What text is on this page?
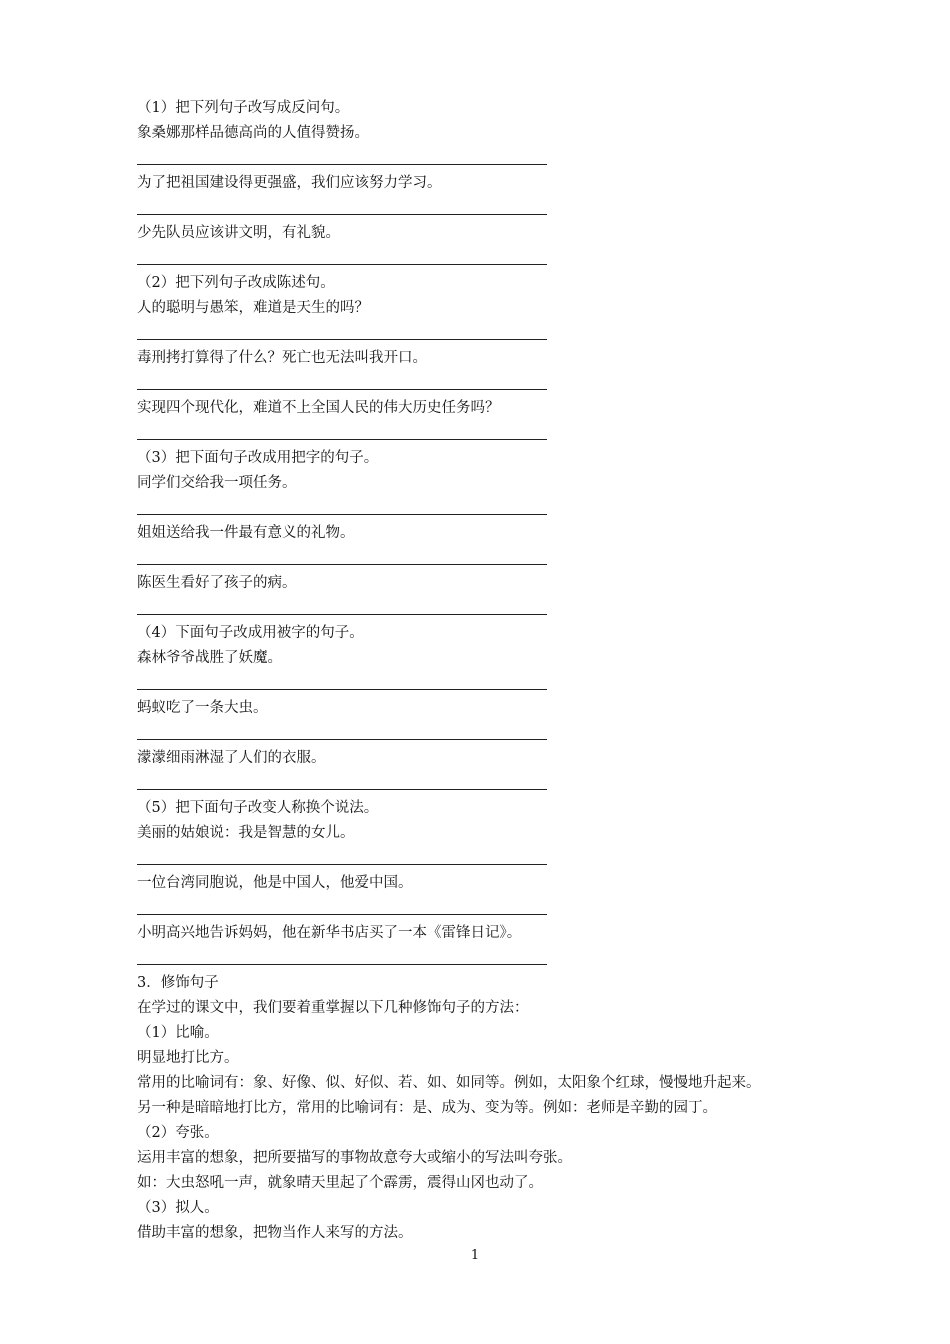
（1）把下列句子改写成反问句。
象桑娜那样品德高尚的人值得赞扬。
为了把祖国建设得更强盛，我们应该努力学习。
少先队员应该讲文明，有礼貌。
（2）把下列句子改成陈述句。
人的聪明与愚笨，难道是天生的吗？
毒刑拷打算得了什么？死亡也无法叫我开口。
实现四个现代化，难道不上全国人民的伟大历史任务吗？
（3）把下面句子改成用把字的句子。
同学们交给我一项任务。
姐姐送给我一件最有意义的礼物。
陈医生看好了孩子的病。
（4）下面句子改成用被字的句子。
森林爷爷战胜了妖魔。
蚂蚁吃了一条大虫。
濛濛细雨淋湿了人们的衣服。
（5）把下面句子改变人称换个说法。
美丽的姑娘说：我是智慧的女儿。
一位台湾同胞说，他是中国人，他爱中国。
小明高兴地告诉妈妈，他在新华书店买了一本《雷锋日记》。
3．修饰句子
在学过的课文中，我们要着重掌握以下几种修饰句子的方法：
（1）比喻。
明显地打比方。
常用的比喻词有：象、好像、似、好似、若、如、如同等。例如，太阳象个红球，慢慢地升起来。
另一种是暗暗地打比方，常用的比喻词有：是、成为、变为等。例如：老师是辛勤的园丁。
（2）夸张。
运用丰富的想象，把所要描写的事物故意夸大或缩小的写法叫夸张。
如：大虫怒吼一声，就象晴天里起了个霹雳，震得山冈也动了。
（3）拟人。
借助丰富的想象，把物当作人来写的方法。
1
